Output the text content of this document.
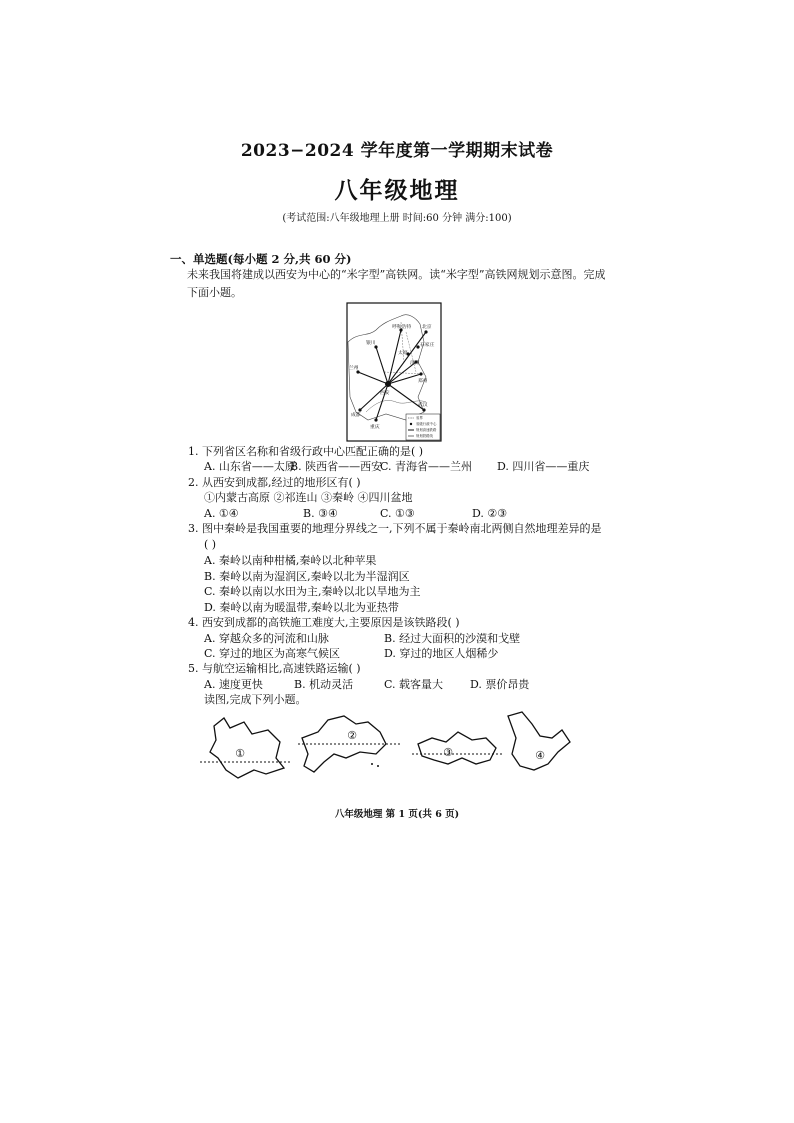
2023−2024 学年度第一学期期末试卷
八年级地理
(考试范围:八年级地理上册 时间:60 分钟 满分:100)
一、单选题(每小题 2 分,共 60 分)
未来我国将建成以西安为中心的“米字型”高铁网。读“米字型”高铁网规划示意图。完成下面小题。
呼和浩特 北京
银川
太原
石家庄
济南
兰州
郑州
西安
成都
武汉
重庆
省界
省级行政中心
规划高速铁路
规划铁路线
1. 下列省区名称和省级行政中心匹配正确的是( )
A. 山东省——太原
B. 陕西省——西安
C. 青海省——兰州 D. 四川省——重庆
2. 从西安到成都,经过的地形区有( )
①内蒙古高原 ②祁连山 ③秦岭 ④四川盆地
A. ①④	B. ③④	C. ①③	D. ②③
3. 图中秦岭是我国重要的地理分界线之一,下列不属于秦岭南北两侧自然地理差异的是
( )
A. 秦岭以南种柑橘,秦岭以北种苹果
B. 秦岭以南为湿润区,秦岭以北为半湿润区
C. 秦岭以南以水田为主,秦岭以北以旱地为主
D. 秦岭以南为暖温带,秦岭以北为亚热带
4. 西安到成都的高铁施工难度大,主要原因是该铁路段( )
A. 穿越众多的河流和山脉	B. 经过大面积的沙漠和戈壁
C. 穿过的地区为高寒气候区	D. 穿过的地区人烟稀少
5. 与航空运输相比,高速铁路运输( )
A. 速度更快	B. 机动灵活	C. 载客量大 D. 票价昂贵
读图,完成下列小题。
①
②
③	④
八年级地理 第 1 页(共 6 页)
